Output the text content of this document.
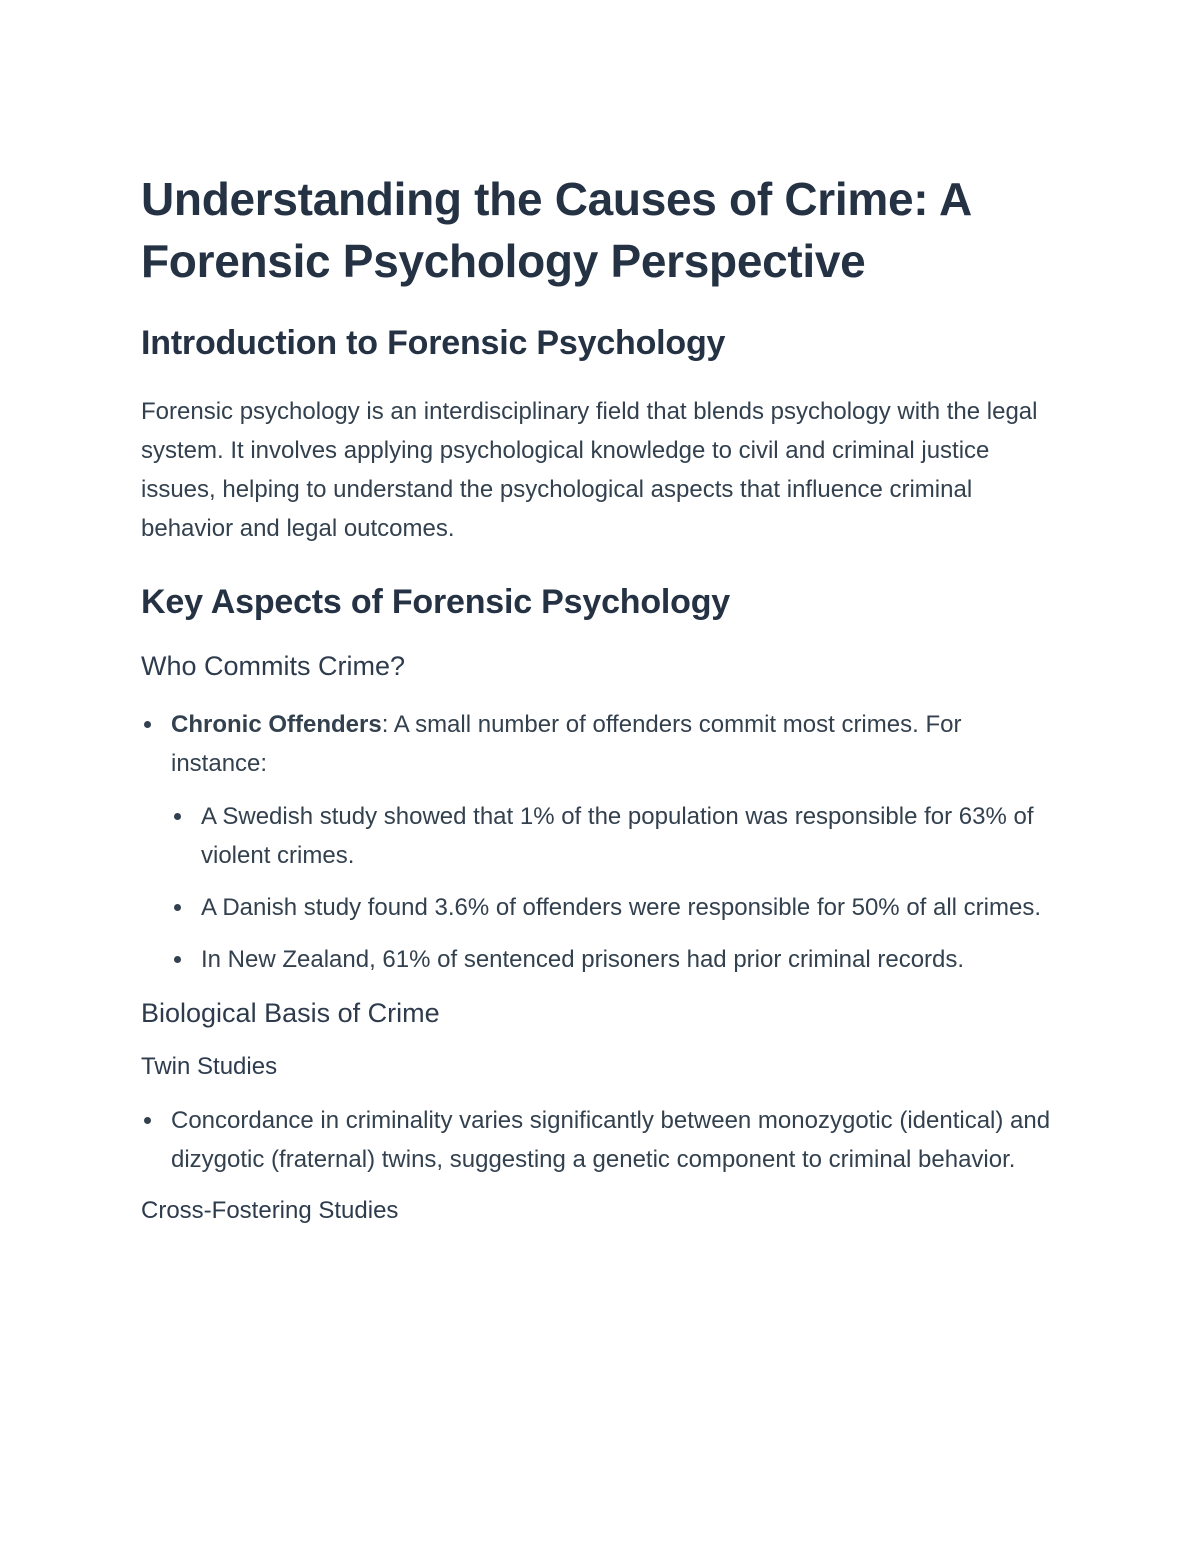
Understanding the Causes of Crime: A Forensic Psychology Perspective
Introduction to Forensic Psychology

Forensic psychology is an interdisciplinary field that blends psychology with the legal system. It involves applying psychological knowledge to civil and criminal justice issues, helping to understand the psychological aspects that influence criminal behavior and legal outcomes.

Key Aspects of Forensic Psychology
Who Commits Crime?
Chronic Offenders: A small number of offenders commit most crimes. For instance:
A Swedish study showed that 1% of the population was responsible for 63% of violent crimes.
A Danish study found 3.6% of offenders were responsible for 50% of all crimes.
In New Zealand, 61% of sentenced prisoners had prior criminal records.
Biological Basis of Crime
Twin Studies
Concordance in criminality varies significantly between monozygotic (identical) and dizygotic (fraternal) twins, suggesting a genetic component to criminal behavior.
Cross-Fostering Studies
